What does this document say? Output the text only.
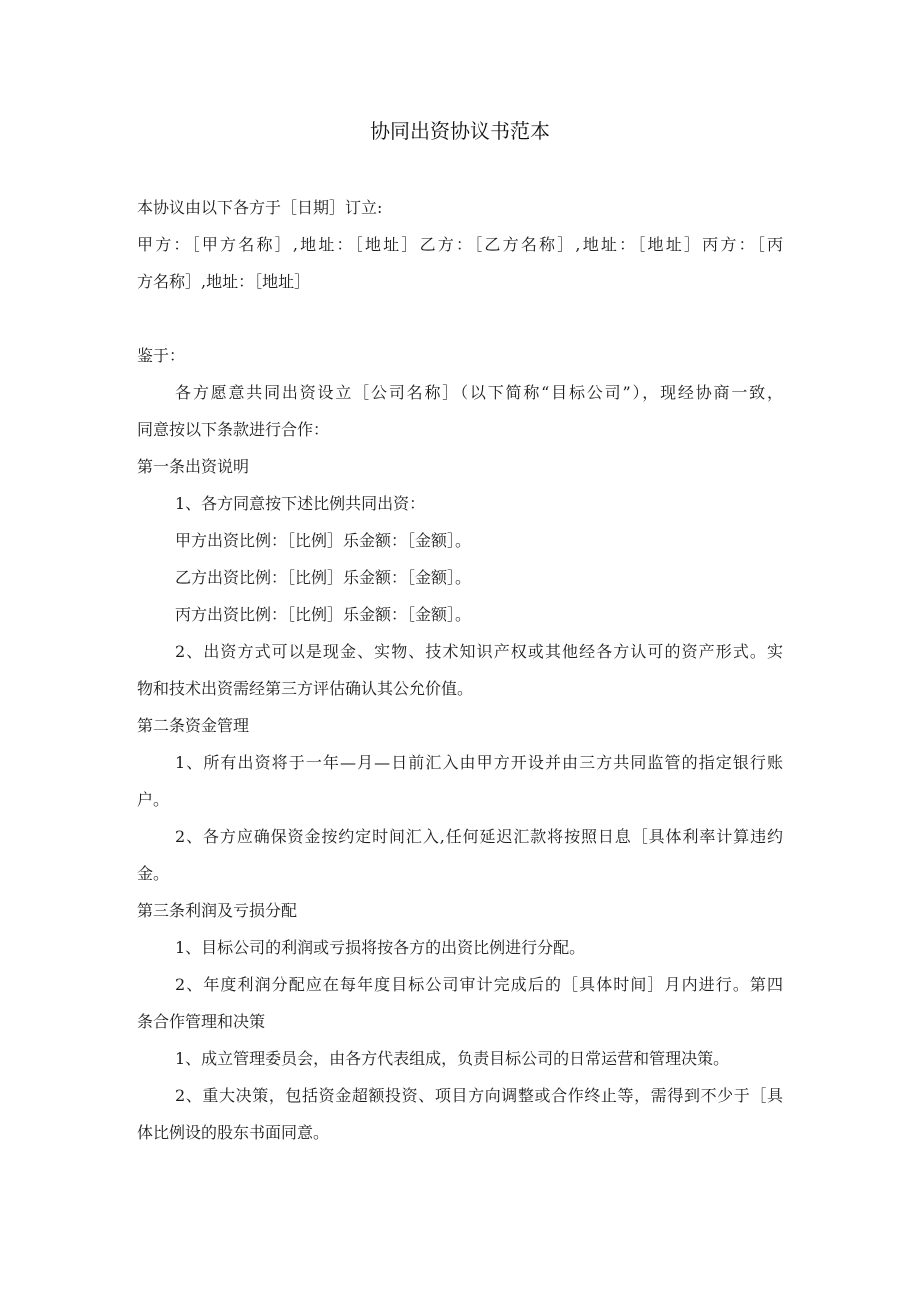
协同出资协议书范本
本协议由以下各方于［日期］订立:
甲方：［甲方名称］,地址：［地址］乙方：［乙方名称］,地址：［地址］丙方：［丙
方名称］,地址：［地址］
鉴于：
各方愿意共同出资设立［公司名称］（以下简称“目标公司”），现经协商一致，
同意按以下条款进行合作：
第一条出资说明
1、各方同意按下述比例共同出资：
甲方出资比例：［比例］乐金额：［金额］。
乙方出资比例：［比例］乐金额：［金额］。
丙方出资比例：［比例］乐金额：［金额］。
2、出资方式可以是现金、实物、技术知识产权或其他经各方认可的资产形式。实
物和技术出资需经第三方评估确认其公允价值。
第二条资金管理
1、所有出资将于一年—月—日前汇入由甲方开设并由三方共同监管的指定银行账
户。
2、各方应确保资金按约定时间汇入,任何延迟汇款将按照日息［具体利率计算违约
金。
第三条利润及亏损分配
1、目标公司的利润或亏损将按各方的出资比例进行分配。
2、年度利润分配应在每年度目标公司审计完成后的［具体时间］月内进行。第四
条合作管理和决策
1、成立管理委员会，由各方代表组成，负责目标公司的日常运营和管理决策。
2、重大决策，包括资金超额投资、项目方向调整或合作终止等，需得到不少于［具
体比例设的股东书面同意。
